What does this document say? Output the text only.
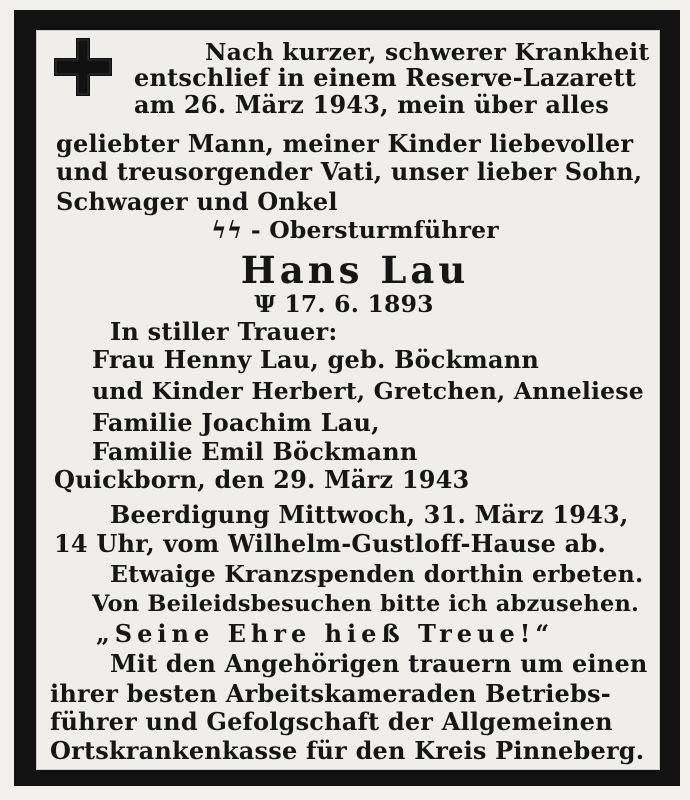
Nach kurzer, schwerer Krankheit
entschlief in einem Reserve-Lazarett
am 26. März 1943, mein über alles
geliebter Mann, meiner Kinder liebevoller
und treusorgender Vati, unser lieber Sohn,
Schwager und Onkel
ϟϟ - Obersturmführer
Hans Lau
Ψ 17. 6. 1893
In stiller Trauer:
Frau Henny Lau, geb. Böckmann
und Kinder Herbert, Gretchen, Anneliese
Familie Joachim Lau,
Familie Emil Böckmann
Quickborn, den 29. März 1943
Beerdigung Mittwoch, 31. März 1943,
14 Uhr, vom Wilhelm-Gustloff-Hause ab.
Etwaige Kranzspenden dorthin erbeten.
Von Beileidsbesuchen bitte ich abzusehen.
„Seine Ehre hieß Treue!“
Mit den Angehörigen trauern um einen
ihrer besten Arbeitskameraden Betriebs-
führer und Gefolgschaft der Allgemeinen
Ortskrankenkasse für den Kreis Pinneberg.
